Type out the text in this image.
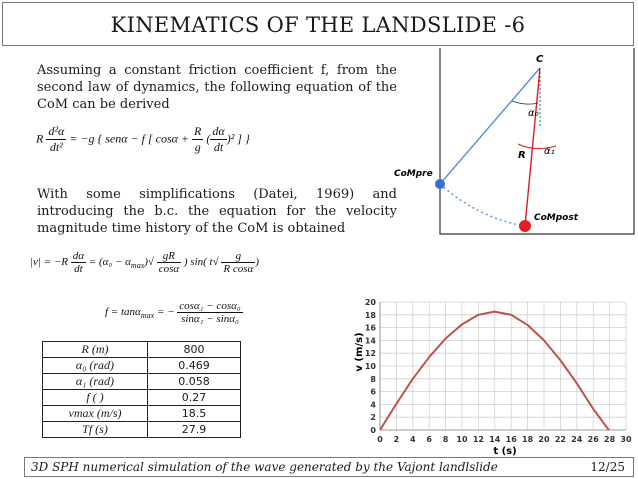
KINEMATICS OF THE LANDSLIDE -6
Assuming a constant friction coefficient f, from the second law of dynamics, the following equation of the CoM can be derived
R $\frac{\text{d²α}}{\text{dt²}} = -g$ { senα − f [ $\cos\alpha + \frac{R}{g}$ ( $\frac{d\alpha}{dt} )^2$ ] }
With some simplifications (Datei, 1969) and introducing the b.c. the equation for the velocity magnitude time history of the CoM is obtained
$|v| = -R \frac{d\alpha}{dt} = (\alpha_0 - \alpha_{max})√ \frac{gR}{\cos\alpha}$ ) sin( $t√ \frac{g}{\text{R cosα}}$ )
f = tanα$_{max}$ = − $\frac{\text{cosα₁ − cosα₀}}{\text{sinα₁ − sinα₀}}$
R (m)	800
α₀ (rad)	0.469
α₁ (rad)	0.058
f ( )	0.27
vmax (m/s)	18.5
Tf (s)	27.9
C
α₀
α₁
R
CoMpre
CoMpost
0
2
4
6
8
10
12
14
16
18
20
0 2 4 6 8 10 12 14 16 18 20 22 24 26 28 30
v (m/s)
t (s)
3D SPH numerical simulation of the wave generated by the Vajont landlslide	12/25
